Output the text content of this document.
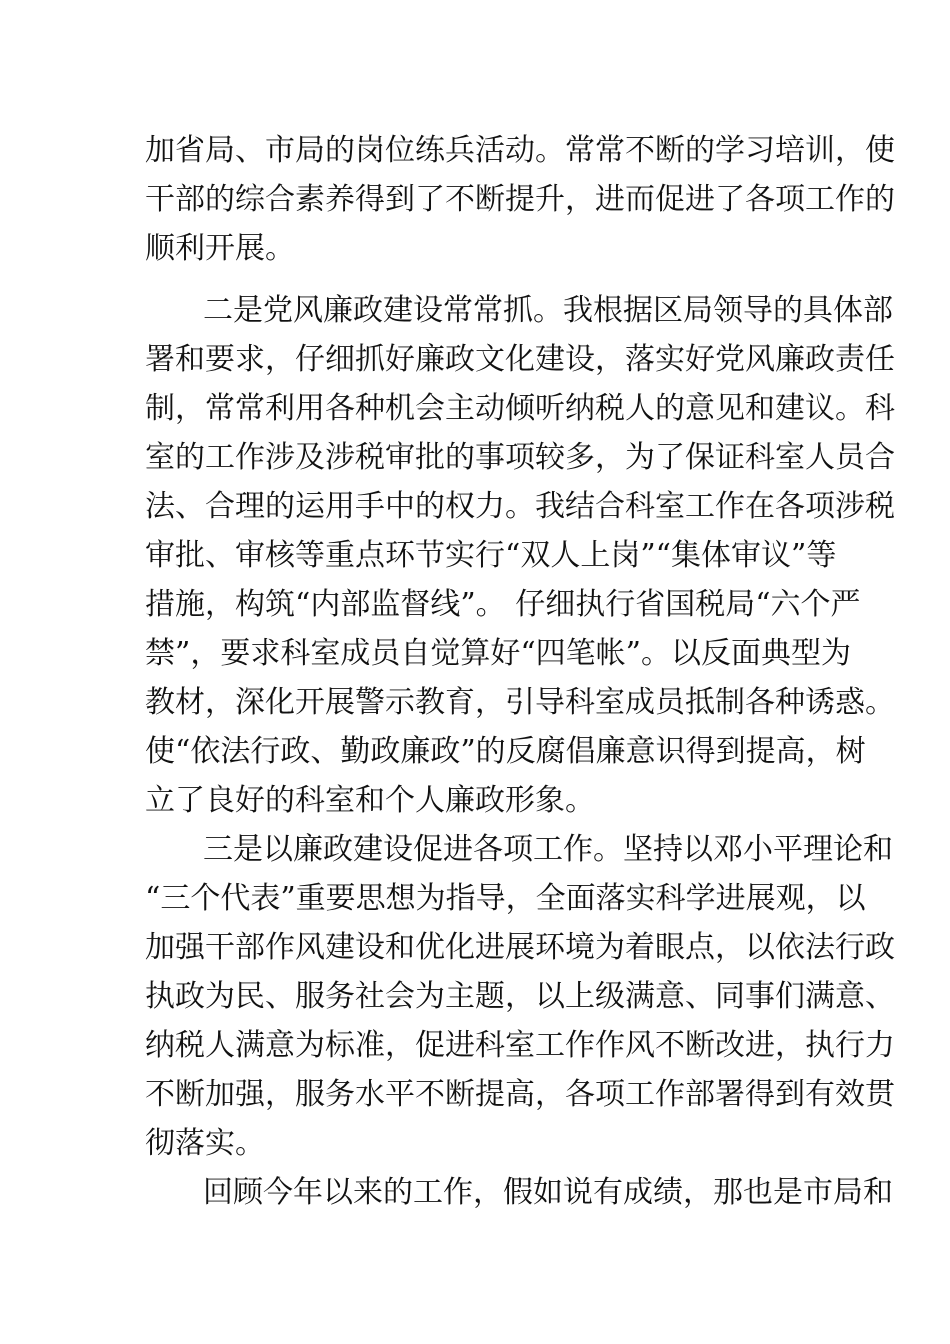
加省局、市局的岗位练兵活动。常常不断的学习培训，使
干部的综合素养得到了不断提升，进而促进了各项工作的
顺利开展。
二是党风廉政建设常常抓。我根据区局领导的具体部
署和要求，仔细抓好廉政文化建设，落实好党风廉政责任
制，常常利用各种机会主动倾听纳税人的意见和建议。科
室的工作涉及涉税审批的事项较多，为了保证科室人员合
法、合理的运用手中的权力。我结合科室工作在各项涉税
审批、审核等重点环节实行“双人上岗”“集体审议”等
措施，构筑“内部监督线”。 仔细执行省国税局“六个严
禁”，要求科室成员自觉算好“四笔帐”。以反面典型为
教材，深化开展警示教育，引导科室成员抵制各种诱惑。
使“依法行政、勤政廉政”的反腐倡廉意识得到提高，树
立了良好的科室和个人廉政形象。
三是以廉政建设促进各项工作。坚持以邓小平理论和
“三个代表”重要思想为指导，全面落实科学进展观，以
加强干部作风建设和优化进展环境为着眼点，以依法行政
执政为民、服务社会为主题，以上级满意、同事们满意、
纳税人满意为标准，促进科室工作作风不断改进，执行力
不断加强，服务水平不断提高，各项工作部署得到有效贯
彻落实。
回顾今年以来的工作，假如说有成绩，那也是市局和
